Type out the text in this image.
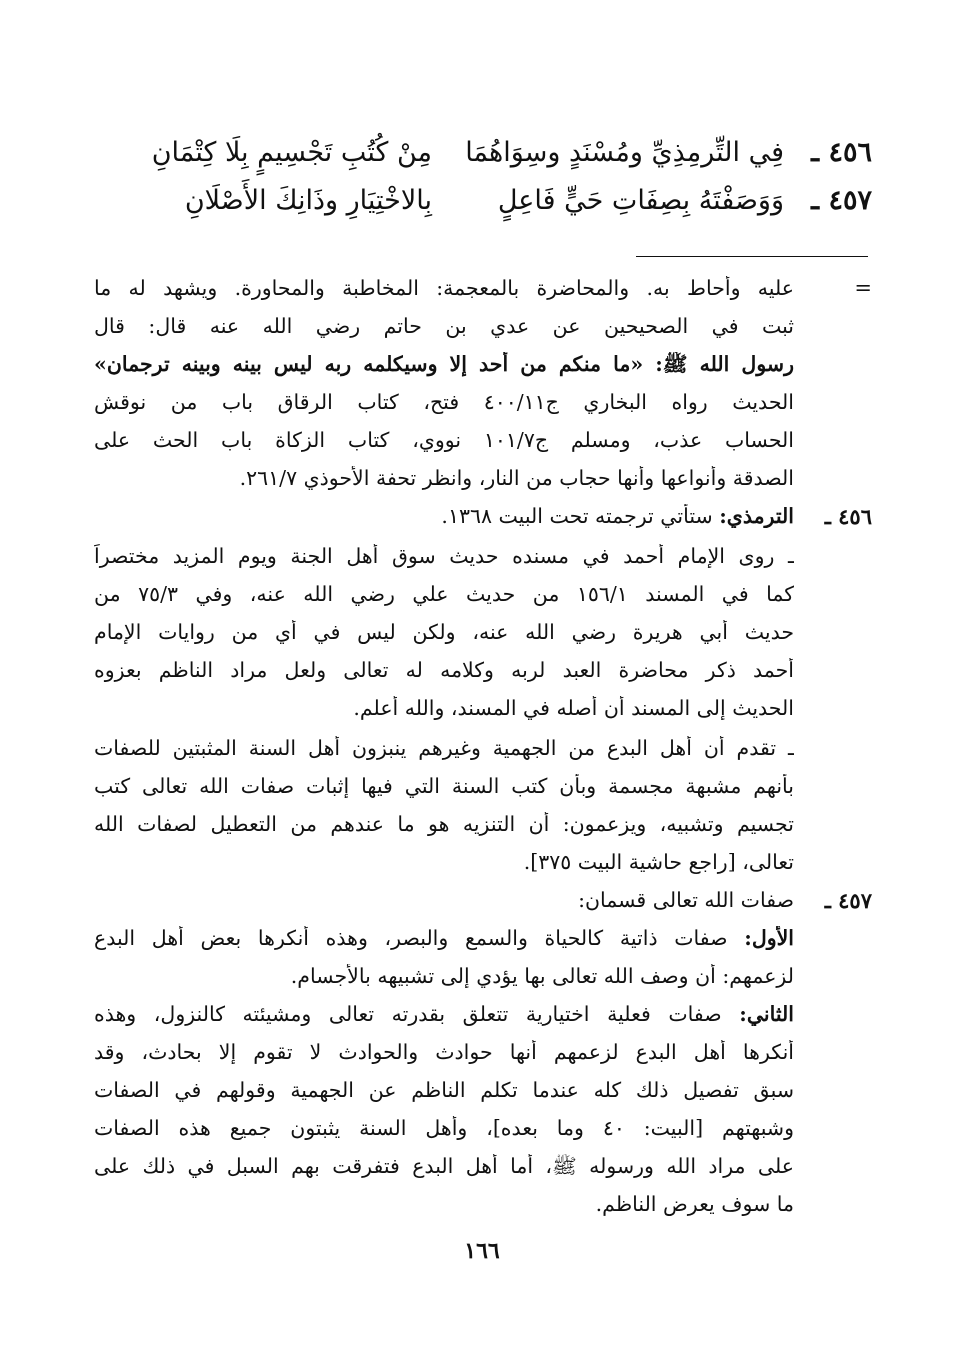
٤٥٦ ـ
فِي التِّرمِذِيِّ ومُسْنَدٍ وسِوَاهُمَا
مِنْ كُتُبِ تَجْسِيمٍ بِلَا كِتْمَانِ
٤٥٧ ـ
وَوَصَفْتَهُ بِصِفَاتِ حَيٍّ فَاعِلٍ
بِالاخْتِيَارِ وذَانِكَ الأَصْلَانِ
=
عليه وأحاط به. والمحاضرة بالمعجمة: المخاطبة والمحاورة. ويشهد له ما
ثبت في الصحيحين عن عدي بن حاتم رضي الله عنه قال: قال
رسول الله ﷺ: «ما منكم من أحد إلا وسيكلمه ربه ليس بينه وبينه ترجمان»
الحديث رواه البخاري ج٤٠٠/١١ فتح، كتاب الرقاق باب من نوقش
الحساب عذب، ومسلم ج١٠١/٧ نووي، كتاب الزكاة باب الحث على
الصدقة وأنواعها وأنها حجاب من النار، وانظر تحفة الأحوذي ٢٦١/٧.
٤٥٦ ـ
الترمذي: ستأتي ترجمته تحت البيت ١٣٦٨.
ـ روى الإمام أحمد في مسنده حديث سوق أهل الجنة ويوم المزيد مختصراً
كما في المسند ١٥٦/١ من حديث علي رضي الله عنه، وفي ٧٥/٣ من
حديث أبي هريرة رضي الله عنه، ولكن ليس في أي من روايات الإمام
أحمد ذكر محاضرة العبد لربه وكلامه له تعالى ولعل مراد الناظم بعزوه
الحديث إلى المسند أن أصله في المسند، والله أعلم.
ـ تقدم أن أهل البدع من الجهمية وغيرهم ينبزون أهل السنة المثبتين للصفات
بأنهم مشبهة مجسمة وبأن كتب السنة التي فيها إثبات صفات الله تعالى كتب
تجسيم وتشبيه، ويزعمون: أن التنزيه هو ما عندهم من التعطيل لصفات الله
تعالى، [راجع حاشية البيت ٣٧٥].
٤٥٧ ـ
صفات الله تعالى قسمان:
الأول: صفات ذاتية كالحياة والسمع والبصر، وهذه أنكرها بعض أهل البدع
لزعمهم: أن وصف الله تعالى بها يؤدي إلى تشبيهه بالأجسام.
الثاني: صفات فعلية اختيارية تتعلق بقدرته تعالى ومشيئته كالنزول، وهذه
أنكرها أهل البدع لزعمهم أنها حوادث والحوادث لا تقوم إلا بحادث، وقد
سبق تفصيل ذلك كله عندما تكلم الناظم عن الجهمية وقولهم في الصفات
وشبهتهم [البيت: ٤٠ وما بعده]، وأهل السنة يثبتون جميع هذه الصفات
على مراد الله ورسوله ﷺ، أما أهل البدع فتفرقت بهم السبل في ذلك على
ما سوف يعرض الناظم.
١٦٦
